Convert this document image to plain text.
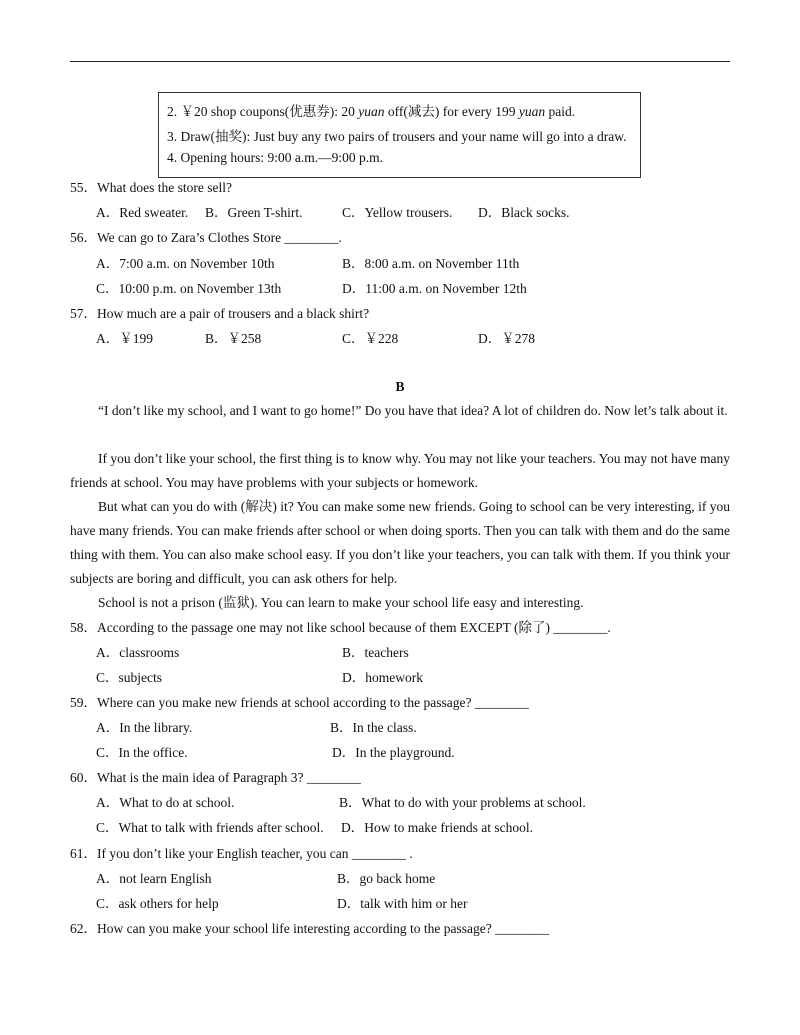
2. ￥20 shop coupons(优惠券): 20 yuan off(减去) for every 199 yuan paid.
3. Draw(抽奖): Just buy any two pairs of trousers and your name will go into a draw.
4. Opening hours: 9:00 a.m.—9:00 p.m.
55．What does the store sell?
A．Red sweater. B．Green T-shirt.	C．Yellow trousers. D．Black socks.
56．We can go to Zara’s Clothes Store ________.
A．7:00 a.m. on November 10th	B．8:00 a.m. on November 11th
C．10:00 p.m. on November 13th	D．11:00 a.m. on November 12th
57．How much are a pair of trousers and a black shirt?
A．￥199	B．￥258	C．￥228	D．￥278
B
“I don’t like my school, and I want to go home!” Do you have that idea? A lot of children do. Now let’s talk about it.
If you don’t like your school, the first thing is to know why. You may not like your teachers. You may not have many friends at school. You may have problems with your subjects or homework.
But what can you do with (解决) it? You can make some new friends. Going to school can be very interesting, if you have many friends. You can make friends after school or when doing sports. Then you can talk with them and do the same thing with them. You can also make school easy. If you don’t like your teachers, you can talk with them. If you think your subjects are boring and difficult, you can ask others for help.
School is not a prison (监狱). You can learn to make your school life easy and interesting.
58．According to the passage one may not like school because of them EXCEPT (除了) ________.
A．classrooms	B．teachers
C．subjects	D．homework
59．Where can you make new friends at school according to the passage? ________
A．In the library.	B．In the class.
C．In the office.	D．In the playground.
60．What is the main idea of Paragraph 3? ________
A．What to do at school.	B．What to do with your problems at school.
C．What to talk with friends after school. D．How to make friends at school.
61．If you don’t like your English teacher, you can ________ .
A．not learn English	B．go back home
C．ask others for help	D．talk with him or her
62．How can you make your school life interesting according to the passage? ________
